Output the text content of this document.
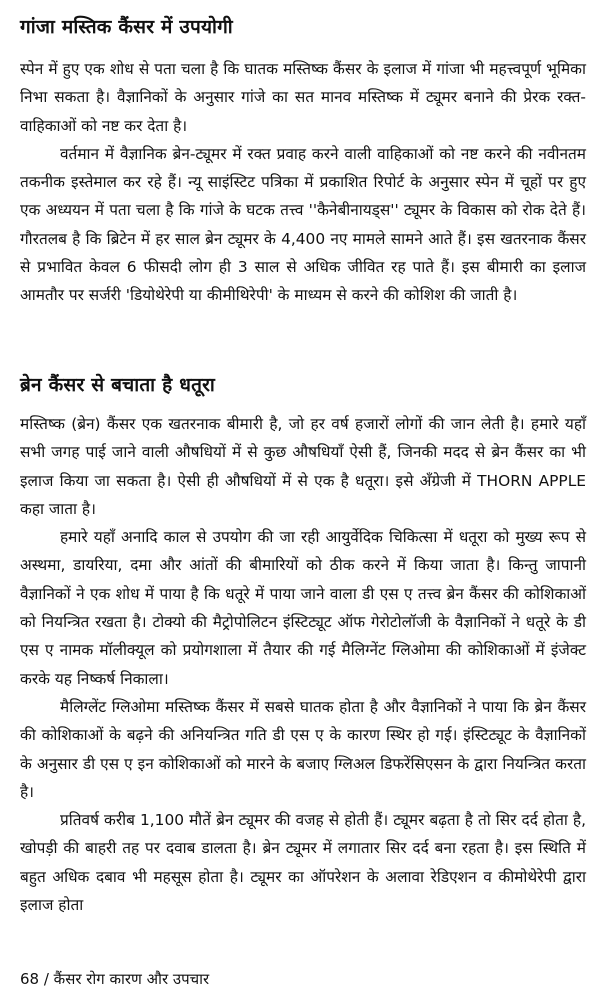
गांजा मस्तिक कैंसर में उपयोगी

स्पेन में हुए एक शोध से पता चला है कि घातक मस्तिष्क कैंसर के इलाज में गांजा भी महत्त्वपूर्ण भूमिका निभा सकता है। वैज्ञानिकों के अनुसार गांजे का सत मानव मस्तिष्क में ट्यूमर बनाने की प्रेरक रक्त-वाहिकाओं को नष्ट कर देता है।

वर्तमान में वैज्ञानिक ब्रेन-ट्यूमर में रक्त प्रवाह करने वाली वाहिकाओं को नष्ट करने की नवीनतम तकनीक इस्तेमाल कर रहे हैं। न्यू साइंस्टिट पत्रिका में प्रकाशित रिपोर्ट के अनुसार स्पेन में चूहों पर हुए एक अध्ययन में पता चला है कि गांजे के घटक तत्त्व ''कैनेबीनायड्स'' ट्यूमर के विकास को रोक देते हैं। गौरतलब है कि ब्रिटेन में हर साल ब्रेन ट्यूमर के 4,400 नए मामले सामने आते हैं। इस खतरनाक कैंसर से प्रभावित केवल 6 फीसदी लोग ही 3 साल से अधिक जीवित रह पाते हैं। इस बीमारी का इलाज आमतौर पर सर्जरी 'डियोथेरेपी या कीमीथिरेपी' के माध्यम से करने की कोशिश की जाती है।

ब्रेन कैंसर से बचाता है धतूरा

मस्तिष्क (ब्रेन) कैंसर एक खतरनाक बीमारी है, जो हर वर्ष हजारों लोगों की जान लेती है। हमारे यहाँ सभी जगह पाई जाने वाली औषधियों में से कुछ औषधियाँ ऐसी हैं, जिनकी मदद से ब्रेन कैंसर का भी इलाज किया जा सकता है। ऐसी ही औषधियों में से एक है धतूरा। इसे अँग्रेजी में THORN APPLE कहा जाता है।

हमारे यहाँ अनादि काल से उपयोग की जा रही आयुर्वेदिक चिकित्सा में धतूरा को मुख्य रूप से अस्थमा, डायरिया, दमा और आंतों की बीमारियों को ठीक करने में किया जाता है। किन्तु जापानी वैज्ञानिकों ने एक शोध में पाया है कि धतूरे में पाया जाने वाला डी एस ए तत्त्व ब्रेन कैंसर की कोशिकाओं को नियन्त्रित रखता है। टोक्यो की मैट्रोपोलिटन इंस्टिट्यूट ऑफ गेरोटोलॉजी के वैज्ञानिकों ने धतूरे के डी एस ए नामक मॉलीक्यूल को प्रयोगशाला में तैयार की गई मैलिग्नेंट ग्लिओमा की कोशिकाओं में इंजेक्ट करके यह निष्कर्ष निकाला।

मैलिग्लेंट ग्लिओमा मस्तिष्क कैंसर में सबसे घातक होता है और वैज्ञानिकों ने पाया कि ब्रेन कैंसर की कोशिकाओं के बढ़ने की अनियन्त्रित गति डी एस ए के कारण स्थिर हो गई। इंस्टिट्यूट के वैज्ञानिकों के अनुसार डी एस ए इन कोशिकाओं को मारने के बजाए ग्लिअल डिफरेंसिएसन के द्वारा नियन्त्रित करता है।

प्रतिवर्ष करीब 1,100 मौतें ब्रेन ट्यूमर की वजह से होती हैं। ट्यूमर बढ़ता है तो सिर दर्द होता है, खोपड़ी की बाहरी तह पर दवाब डालता है। ब्रेन ट्यूमर में लगातार सिर दर्द बना रहता है। इस स्थिति में बहुत अधिक दबाव भी महसूस होता है। ट्यूमर का ऑपरेशन के अलावा रेडिएशन व कीमोथेरेपी द्वारा इलाज होता

68 / कैंसर रोग कारण और उपचार
